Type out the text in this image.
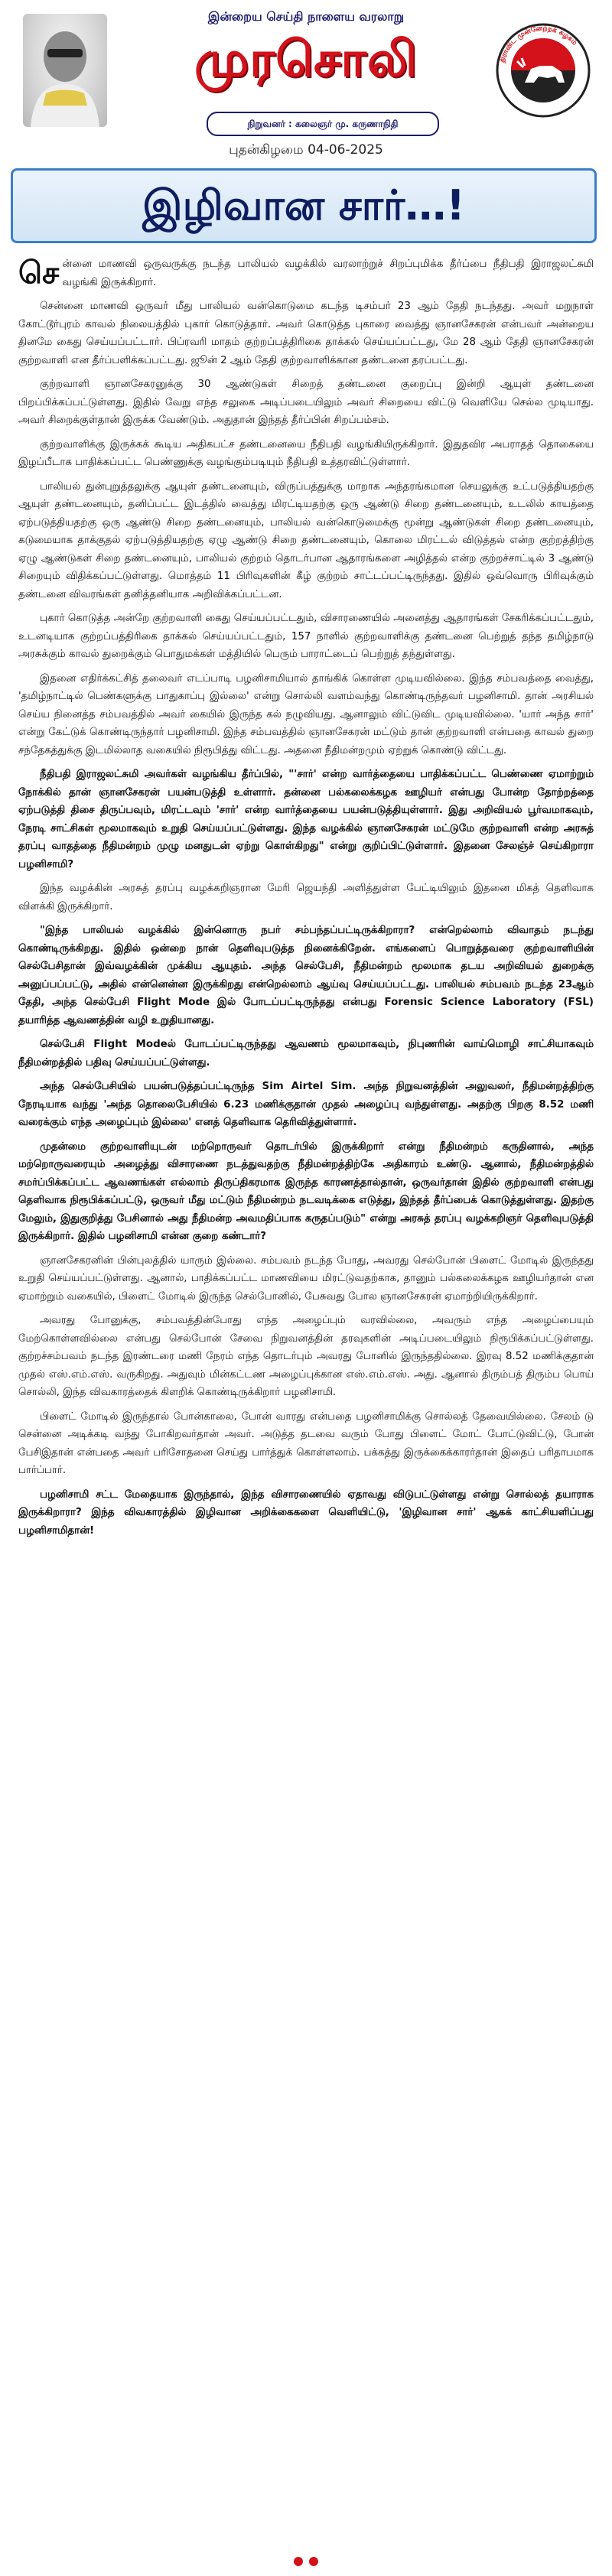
இன்றைய செய்தி நாளைய வரலாறு
முரசொலி
நிறுவனர் : கலைஞர் மு. கருணாநிதி
திராவிட முன்னேற்றக் கழகம்
புதன்கிழமை 04-06-2025
இழிவான சார்…!

சென்னை மாணவி ஒருவருக்கு நடந்த பாலியல் வழக்கில் வரலாற்றுச் சிறப்புமிக்க தீர்ப்பை நீதிபதி இராஜலட்சுமி வழங்கி இருக்கிறார்.

சென்னை மாணவி ஒருவர் மீது பாலியல் வன்கொடுமை கடந்த டிசம்பர் 23 ஆம் தேதி நடந்தது. அவர் மறுநாள் கோட்டூர்புரம் காவல் நிலையத்தில் புகார் கொடுத்தார். அவர் கொடுத்த புகாரை வைத்து ஞானசேகரன் என்பவர் அன்றைய தினமே கைது செய்யப்பட்டார். பிப்ரவரி மாதம் குற்றப்பத்திரிகை தாக்கல் செய்யப்பட்டது, மே 28 ஆம் தேதி ஞானசேகரன் குற்றவாளி என தீர்ப்பளிக்கப்பட்டது. ஜூன் 2 ஆம் தேதி குற்றவாளிக்கான தண்டனை தரப்பட்டது.

குற்றவாளி ஞானசேகரனுக்கு 30 ஆண்டுகள் சிறைத் தண்டனை குறைப்பு இன்றி ஆயுள் தண்டனை பிறப்பிக்கப்பட்டுள்ளது. இதில் வேறு எந்த சலுகை அடிப்படையிலும் அவர் சிறையை விட்டு வெளியே செல்ல முடியாது. அவர் சிறைக்குள்தான் இருக்க வேண்டும். அதுதான் இந்தத் தீர்ப்பின் சிறப்பம்சம்.

குற்றவாளிக்கு இருக்கக் கூடிய அதிகபட்ச தண்டனையை நீதிபதி வழங்கியிருக்கிறார். இதுதவிர அபராதத் தொகையை இழப்பீடாக பாதிக்கப்பட்ட பெண்ணுக்கு வழங்கும்படியும் நீதிபதி உத்தரவிட்டுள்ளார்.

பாலியல் துன்புறுத்தலுக்கு ஆயுள் தண்டனையும், விருப்பத்துக்கு மாறாக அந்தரங்கமான செயலுக்கு உட்படுத்தியதற்கு ஆயுள் தண்டனையும், தனிப்பட்ட இடத்தில் வைத்து மிரட்டியதற்கு ஒரு ஆண்டு சிறை தண்டனையும், உடலில் காயத்தை ஏற்படுத்தியதற்கு ஒரு ஆண்டு சிறை தண்டனையும், பாலியல் வன்கொடுமைக்கு மூன்று ஆண்டுகள் சிறை தண்டனையும், கடுமையாக தாக்குதல் ஏற்படுத்தியதற்கு ஏழு ஆண்டு சிறை தண்டனையும், கொலை மிரட்டல் விடுத்தல் என்ற குற்றத்திற்கு ஏழு ஆண்டுகள் சிறை தண்டனையும், பாலியல் குற்றம் தொடர்பான ஆதாரங்களை அழித்தல் என்ற குற்றச்சாட்டில் 3 ஆண்டு சிறையும் விதிக்கப்பட்டுள்ளது. மொத்தம் 11 பிரிவுகளின் கீழ் குற்றம் சாட்டப்பட்டிருந்தது. இதில் ஒவ்வொரு பிரிவுக்கும் தண்டனை விவரங்கள் தனித்தனியாக அறிவிக்கப்பட்டன.

புகார் கொடுத்த அன்றே குற்றவாளி கைது செய்யப்பட்டதும், விசாரணையில் அனைத்து ஆதாரங்கள் சேகரிக்கப்பட்டதும், உடனடியாக குற்றப்பத்திரிகை தாக்கல் செய்யப்பட்டதும், 157 நாளில் குற்றவாளிக்கு தண்டனை பெற்றுத் தந்த தமிழ்நாடு அரசுக்கும் காவல் துறைக்கும் பொதுமக்கள் மத்தியில் பெரும் பாராட்டைப் பெற்றுத் தந்துள்ளது.

இதனை எதிர்க்கட்சித் தலைவர் எடப்பாடி பழனிசாமியால் தாங்கிக் கொள்ள முடியவில்லை. இந்த சம்பவத்தை வைத்து, 'தமிழ்நாட்டில் பெண்களுக்கு பாதுகாப்பு இல்லை' என்று சொல்லி வளம்வந்து கொண்டிருந்தவர் பழனிசாமி. தான் அரசியல் செய்ய நினைத்த சம்பவத்தில் அவர் கையில் இருந்த கல் நழுவியது. ஆனாலும் விட்டுவிட முடியவில்லை. 'யார் அந்த சார்' என்று கேட்டுக் கொண்டிருந்தார் பழனிசாமி. இந்த சம்பவத்தில் ஞானசேகரன் மட்டும் தான் குற்றவாளி என்பதை காவல் துறை சந்தேகத்துக்கு இடமில்லாத வகையில் நிரூபித்து விட்டது. அதனை நீதிமன்றமும் ஏற்றுக் கொண்டு விட்டது.

நீதிபதி இராஜலட்சுமி அவர்கள் வழங்கிய தீர்ப்பில், "'சார்' என்ற வார்த்தையை பாதிக்கப்பட்ட பெண்ணை ஏமாற்றும் நோக்கில் தான் ஞானசேகரன் பயன்படுத்தி உள்ளார். தன்னை பல்கலைக்கழக ஊழியர் என்பது போன்ற தோற்றத்தை ஏற்படுத்தி திசை திருப்பவும், மிரட்டவும் 'சார்' என்ற வார்த்தையை பயன்படுத்தியுள்ளார். இது அறிவியல் பூர்வமாகவும், நேரடி சாட்சிகள் மூலமாகவும் உறுதி செய்யப்பட்டுள்ளது. இந்த வழக்கில் ஞானசேகரன் மட்டுமே குற்றவாளி என்ற அரசுத் தரப்பு வாதத்தை நீதிமன்றம் முழு மனதுடன் ஏற்று கொள்கிறது" என்று குறிப்பிட்டுள்ளார். இதனை சேலஞ்ச் செய்கிறாரா பழனிசாமி?

இந்த வழக்கின் அரசுத் தரப்பு வழக்கறிஞரான மேரி ஜெயந்தி அளித்துள்ள பேட்டியிலும் இதனை மிகத் தெளிவாக விளக்கி இருக்கிறார்.

"இந்த பாலியல் வழக்கில் இன்னொரு நபர் சம்பந்தப்பட்டிருக்கிறாரா? என்றெல்லாம் விவாதம் நடந்து கொண்டிருக்கிறது. இதில் ஒன்றை நான் தெளிவுபடுத்த நினைக்கிறேன். எங்களைப் பொறுத்தவரை குற்றவாளியின் செல்பேசிதான் இவ்வழக்கின் முக்கிய ஆயுதம். அந்த செல்பேசி, நீதிமன்றம் மூலமாக தடய அறிவியல் துறைக்கு அனுப்பப்பட்டு, அதில் என்னென்ன இருக்கிறது என்றெல்லாம் ஆய்வு செய்யப்பட்டது. பாலியல் சம்பவம் நடந்த 23ஆம் தேதி, அந்த செல்பேசி Flight Mode இல் போடப்பட்டிருந்தது என்பது Forensic Science Laboratory (FSL) தயாரித்த ஆவணத்தின் வழி உறுதியானது.

செல்பேசி Flight Modeல் போடப்பட்டிருந்தது ஆவணம் மூலமாகவும், நிபுணரின் வாய்மொழி சாட்சியாகவும் நீதிமன்றத்தில் பதிவு செய்யப்பட்டுள்ளது.

அந்த செல்பேசியில் பயன்படுத்தப்பட்டிருந்த Sim Airtel Sim. அந்த நிறுவனத்தின் அலுவலர், நீதிமன்றத்திற்கு நேரடியாக வந்து 'அந்த தொலைபேசியில் 6.23 மணிக்குதான் முதல் அழைப்பு வந்துள்ளது. அதற்கு பிறகு 8.52 மணி வரைக்கும் எந்த அழைப்பும் இல்லை' எனத் தெளிவாக தெரிவித்துள்ளார்.

முதன்மை குற்றவாளியுடன் மற்றொருவர் தொடர்பில் இருக்கிறார் என்று நீதிமன்றம் கருதினால், அந்த மற்றொருவரையும் அழைத்து விசாரணை நடத்துவதற்கு நீதிமன்றத்திற்கே அதிகாரம் உண்டு. ஆனால், நீதிமன்றத்தில் சமர்ப்பிக்கப்பட்ட ஆவணங்கள் எல்லாம் திருப்திகரமாக இருந்த காரணத்தால்தான், ஒருவர்தான் இதில் குற்றவாளி என்பது தெளிவாக நிரூபிக்கப்பட்டு, ஒருவர் மீது மட்டும் நீதிமன்றம் நடவடிக்கை எடுத்து, இந்தத் தீர்ப்பைக் கொடுத்துள்ளது. இதற்கு மேலும், இதுகுறித்து பேசினால் அது நீதிமன்ற அவமதிப்பாக கருதப்படும்" என்று அரசுத் தரப்பு வழக்கறிஞர் தெளிவுபடுத்தி இருக்கிறார். இதில் பழனிசாமி என்ன குறை கண்டார்?

ஞானசேகரனின் பின்புலத்தில் யாரும் இல்லை. சம்பவம் நடந்த போது, அவரது செல்போன் பிளைட் மோடில் இருந்தது உறுதி செய்யப்பட்டுள்ளது. ஆனால், பாதிக்கப்பட்ட மாணவியை மிரட்டுவதற்காக, தானும் பல்கலைக்கழக ஊழியர்தான் என ஏமாற்றும் வகையில், பிளைட் மோடில் இருந்த செல்போனில், பேசுவது போல ஞானசேகரன் ஏமாற்றியிருக்கிறார்.

அவரது போனுக்கு, சம்பவத்தின்போது எந்த அழைப்பும் வரவில்லை, அவரும் எந்த அழைப்பையும் மேற்கொள்ளவில்லை என்பது செல்போன் சேவை நிறுவனத்தின் தரவுகளின் அடிப்படையிலும் நிரூபிக்கப்பட்டுள்ளது. குற்றச்சம்பவம் நடந்த இரண்டரை மணி நேரம் எந்த தொடர்பும் அவரது போனில் இருந்ததில்லை. இரவு 8.52 மணிக்குதான் முதல் எஸ்.எம்.எஸ். வருகிறது. அதுவும் மின்கட்டண அழைப்புக்கான எஸ்.எம்.எஸ். அது. ஆனால் திரும்பத் திரும்ப பொய் சொல்லி, இந்த விவகாரத்தைக் கிளறிக் கொண்டிருக்கிறார் பழனிசாமி.

பிளைட் மோடில் இருந்தால் போன்காலை, போன் வாரது என்பதை பழனிசாமிக்கு சொல்லத் தேவையில்லை. சேலம் டு சென்னை அடிக்கடி வந்து போகிறவர்தான் அவர். அடுத்த தடவை வரும் போது பிளைட் மோட் போட்டுவிட்டு, போன் பேசிஇதான் என்பதை அவர் பரிசோதனை செய்து பார்த்துக் கொள்ளலாம். பக்கத்து இருக்கைக்காரர்தான் இதைப் பரிதாபமாக பார்ப்பார்.

பழனிசாமி சட்ட மேதையாக இருந்தால், இந்த விசாரணையில் ஏதாவது விடுபட்டுள்ளது என்று சொல்லத் தயாராக இருக்கிறாரா? இந்த விவகாரத்தில் இழிவான அறிக்கைகளை வெளியிட்டு, 'இழிவான சார்' ஆகக் காட்சியளிப்பது பழனிசாமிதான்!
